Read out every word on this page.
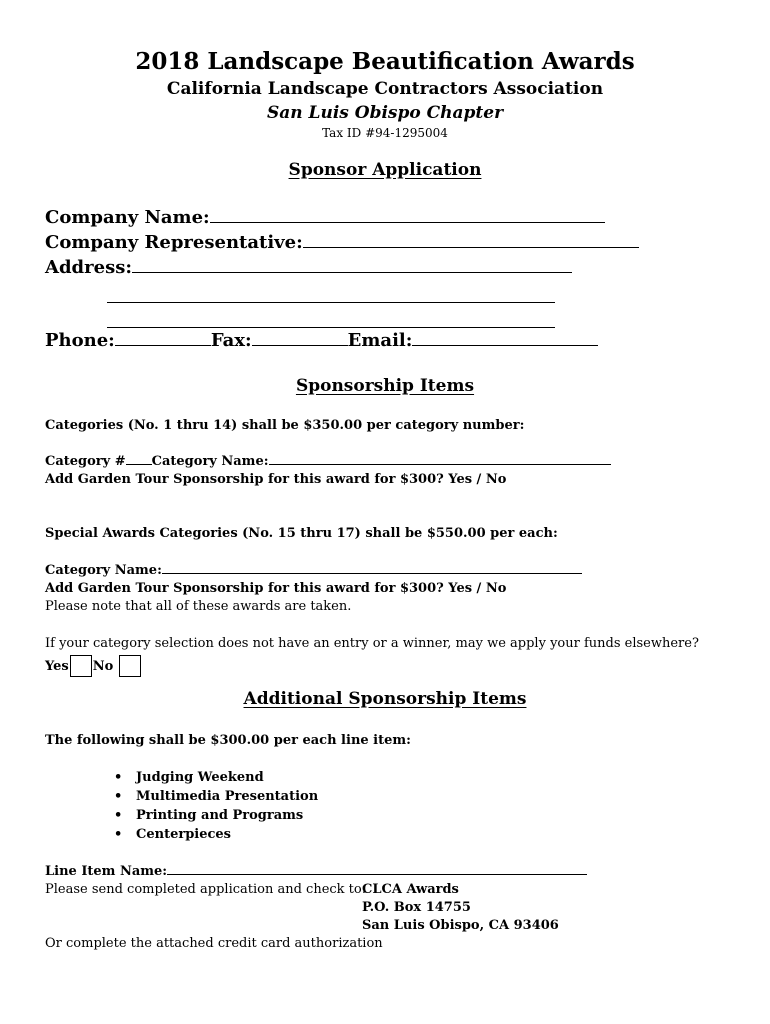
2018 Landscape Beautification Awards
California Landscape Contractors Association
San Luis Obispo Chapter
Tax ID #94-1295004
Sponsor Application
Company Name:
Company Representative:
Address:
Phone:	Fax:	Email:
Sponsorship Items
Categories (No. 1 thru 14) shall be $350.00 per category number:
Category # Category Name:
Add Garden Tour Sponsorship for this award for $300? Yes / No
Special Awards Categories (No. 15 thru 17) shall be $550.00 per each:
Category Name:
Add Garden Tour Sponsorship for this award for $300? Yes / No
Please note that all of these awards are taken.
If your category selection does not have an entry or a winner, may we apply your funds elsewhere?
Yes No
Additional Sponsorship Items
The following shall be $300.00 per each line item:
• Judging Weekend
• Multimedia Presentation
• Printing and Programs
• Centerpieces
Line Item Name:
Please send completed application and check to:
CLCA Awards
P.O. Box 14755
San Luis Obispo, CA 93406
Or complete the attached credit card authorization
